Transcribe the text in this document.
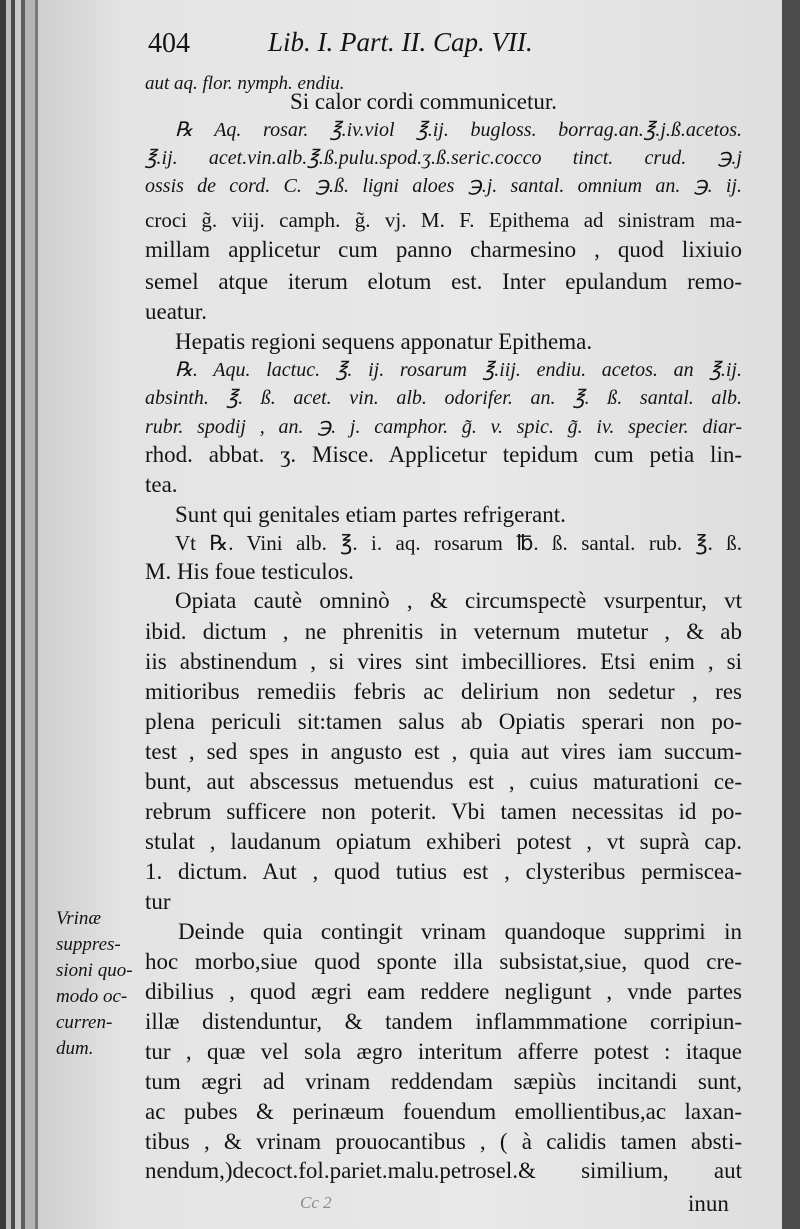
404	Lib. I. Part. II. Cap. VII.
aut aq. flor. nymph. endiu.
Si calor cordi communicetur.
℞ Aq. rosar. ℥.iv.viol ℥.ij. bugloss. borrag.an.℥.j.ß.acetos.
℥.ij. acet.vin.alb.℥.ß.pulu.spod.ʒ.ß.seric.cocco tinct. crud. ℈.j
ossis de cord. C. ℈.ß. ligni aloes ℈.j. santal. omnium an. ℈. ij.
croci g̃. viij. camph. g̃. vj. M. F. Epithema ad sinistram ma-
millam applicetur cum panno charmesino , quod lixiuio
semel atque iterum elotum est. Inter epulandum remo-
ueatur.
Hepatis regioni sequens apponatur Epithema.
℞. Aqu. lactuc. ℥. ij. rosarum ℥.iij. endiu. acetos. an ℥.ij.
absinth. ℥. ß. acet. vin. alb. odorifer. an. ℥. ß. santal. alb.
rubr. spodij , an. ℈. j. camphor. g̃. v. spic. g̃. iv. specier. diar-
rhod. abbat. ʒ. Misce. Applicetur tepidum cum petia lin-
tea.
Sunt qui genitales etiam partes refrigerant.
Vt ℞. Vini alb. ℥. i. aq. rosarum ℔. ß. santal. rub. ℥. ß.
M. His foue testiculos.
Opiata cautè omninò , & circumspectè vsurpentur, vt
ibid. dictum , ne phrenitis in veternum mutetur , & ab
iis abstinendum , si vires sint imbecilliores. Etsi enim , si
mitioribus remediis febris ac delirium non sedetur , res
plena periculi sit:tamen salus ab Opiatis sperari non po-
test , sed spes in angusto est , quia aut vires iam succum-
bunt, aut abscessus metuendus est , cuius maturationi ce-
rebrum sufficere non poterit. Vbi tamen necessitas id po-
stulat , laudanum opiatum exhiberi potest , vt suprà cap.
1. dictum. Aut , quod tutius est , clysteribus permiscea-
tur
Deinde quia contingit vrinam quandoque supprimi in
hoc morbo,siue quod sponte illa subsistat,siue, quod cre-
dibilius , quod ægri eam reddere negligunt , vnde partes
illæ distenduntur, & tandem inflammmatione corripiun-
tur , quæ vel sola ægro interitum afferre potest : itaque
tum ægri ad vrinam reddendam sæpiùs incitandi sunt,
ac pubes & perinæum fouendum emollientibus,ac laxan-
tibus , & vrinam prouocantibus , ( à calidis tamen absti-
nendum,)decoct.fol.pariet.malu.petrosel.& similium, aut
Vrinæ
suppres-
sioni quo-
modo oc-
curren-
dum.
Cc 2	inun
